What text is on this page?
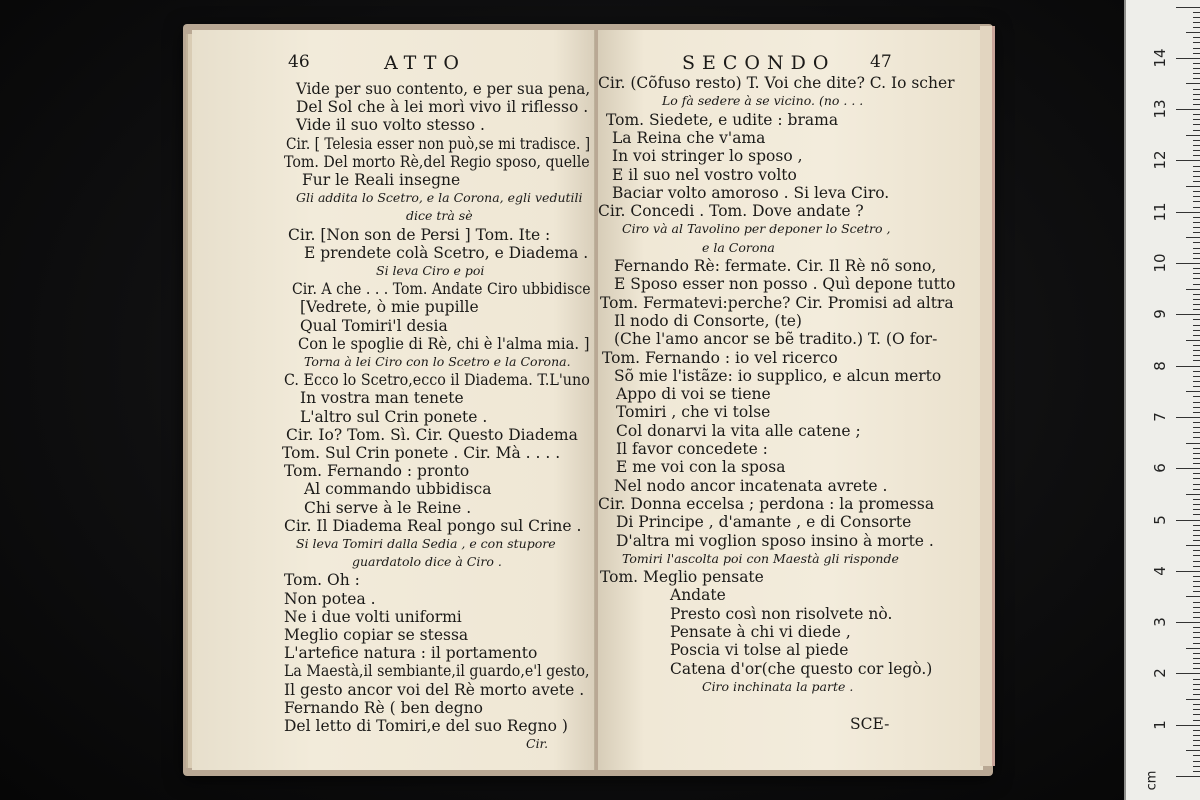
46	ATTO
Vide per suo contento, e per sua pena,
Del Sol che à lei morì vivo il riflesso .
Vide il suo volto stesso .
Cir. [ Telesia esser non può,se mi tradisce. ]
Tom. Del morto Rè,del Regio sposo, quelle
Fur le Reali insegne
Gli addita lo Scetro, e la Corona, egli vedutili
dice trà sè
Cir. [Non son de Persi ] Tom. Ite :
E prendete colà Scetro, e Diadema .
Si leva Ciro e poi
Cir. A che . . . Tom. Andate Ciro ubbidisce
[Vedrete, ò mie pupille
Qual Tomiri'l desia
Con le spoglie di Rè, chi è l'alma mia. ]
Torna à lei Ciro con lo Scetro e la Corona.
C. Ecco lo Scetro,ecco il Diadema. T.L'uno
In vostra man tenete
L'altro sul Crin ponete .
Cir. Io? Tom. Sì. Cir. Questo Diadema
Tom. Sul Crin ponete . Cir. Mà . . . .
Tom. Fernando : pronto
Al commando ubbidisca
Chi serve à le Reine .
Cir. Il Diadema Real pongo sul Crine .
Si leva Tomiri dalla Sedia , e con stupore
guardatolo dice à Ciro .
Tom. Oh :
Non potea .
Ne i due volti uniformi
Meglio copiar se stessa
L'artefice natura : il portamento
La Maestà,il sembiante,il guardo,e'l gesto,
Il gesto ancor voi del Rè morto avete .
Fernando Rè ( ben degno
Del letto di Tomiri,e del suo Regno )
Cir.
SECONDO 47
Cir. (Cõfuso resto) T. Voi che dite? C. Io scher
Lo fà sedere à se vicino. (no . . .
Tom. Siedete, e udite : brama
La Reina che v'ama
In voi stringer lo sposo ,
E il suo nel vostro volto
Baciar volto amoroso . Si leva Ciro.
Cir. Concedi . Tom. Dove andate ?
Ciro và al Tavolino per deponer lo Scetro ,
e la Corona
Fernando Rè: fermate. Cir. Il Rè nõ sono,
E Sposo esser non posso . Quì depone tutto
Tom. Fermatevi:perche? Cir. Promisi ad altra
Il nodo di Consorte, (te)
(Che l'amo ancor se bẽ tradito.) T. (O for-
Tom. Fernando : io vel ricerco
Sõ mie l'istãze: io supplico, e alcun merto
Appo di voi se tiene
Tomiri , che vi tolse
Col donarvi la vita alle catene ;
Il favor concedete :
E me voi con la sposa
Nel nodo ancor incatenata avrete .
Cir. Donna eccelsa ; perdona : la promessa
Di Principe , d'amante , e di Consorte
D'altra mi voglion sposo insino à morte .
Tomiri l'ascolta poi con Maestà gli risponde
Tom. Meglio pensate
Andate
Presto così non risolvete nò.
Pensate à chi vi diede ,
Poscia vi tolse al piede
Catena d'or(che questo cor legò.)
Ciro inchinata la parte .
SCE-
14
13
12
11
10
9
8
7
6
5
4
3
2
1
cm
